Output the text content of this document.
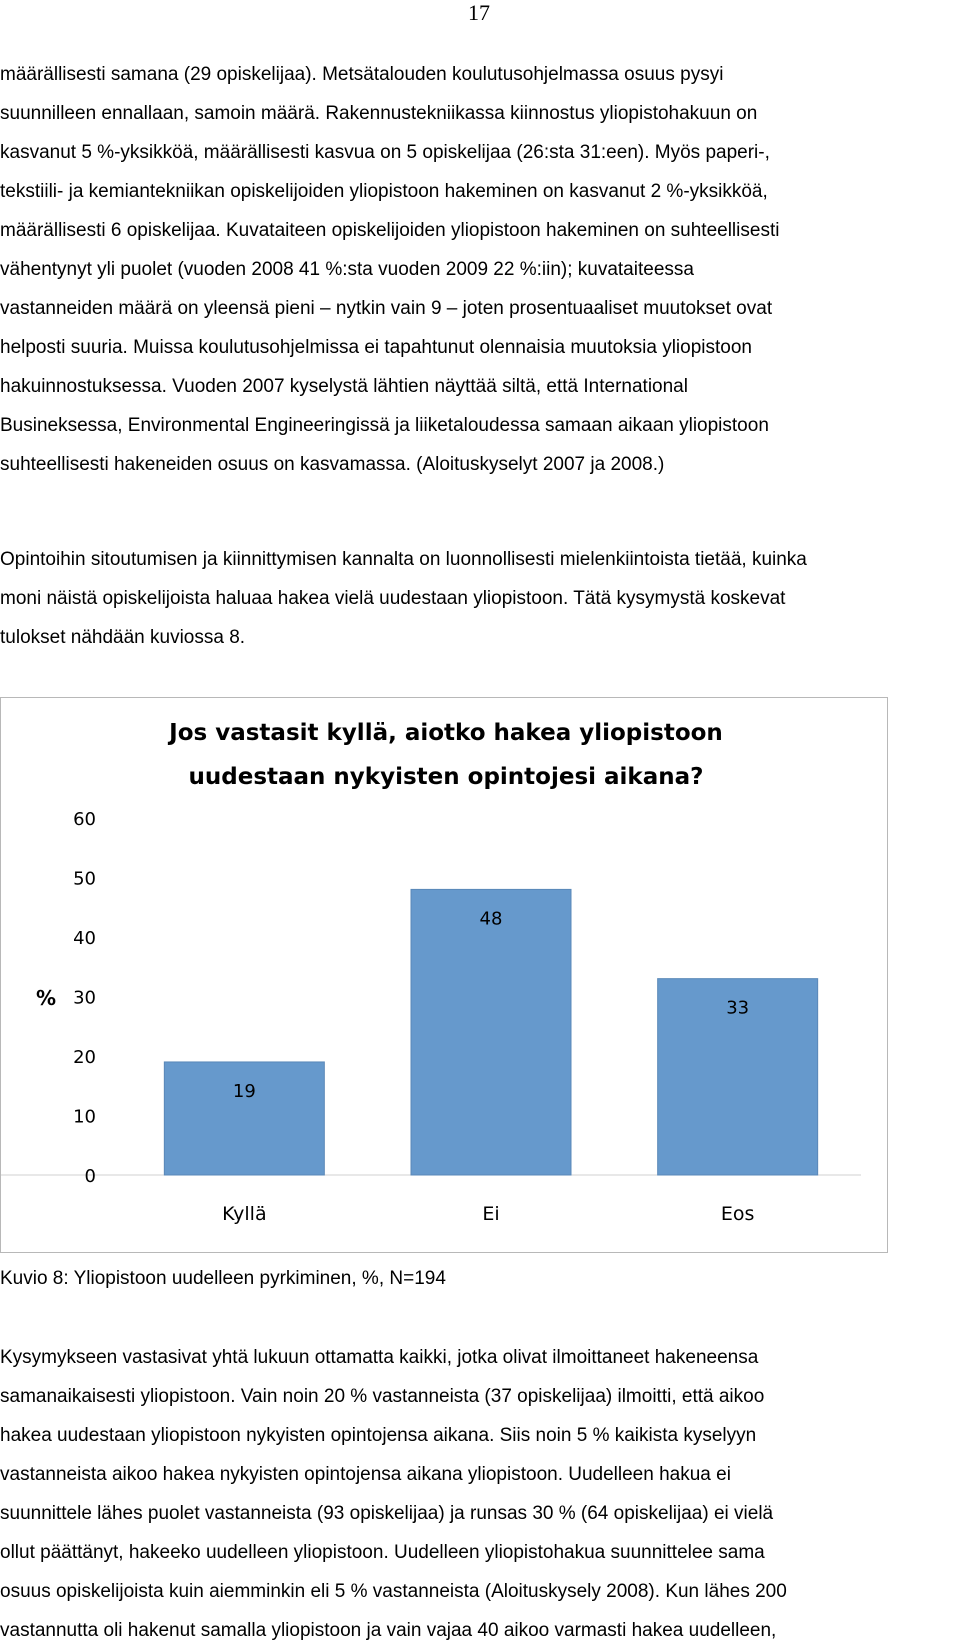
17
määrällisesti samana (29 opiskelijaa). Metsätalouden koulutusohjelmassa osuus pysyi
suunnilleen ennallaan, samoin määrä. Rakennustekniikassa kiinnostus yliopistohakuun on
kasvanut 5 %-yksikköä, määrällisesti kasvua on 5 opiskelijaa (26:sta 31:een). Myös paperi-,
tekstiili- ja kemiantekniikan opiskelijoiden yliopistoon hakeminen on kasvanut 2 %-yksikköä,
määrällisesti 6 opiskelijaa. Kuvataiteen opiskelijoiden yliopistoon hakeminen on suhteellisesti
vähentynyt yli puolet (vuoden 2008 41 %:sta vuoden 2009 22 %:iin); kuvataiteessa
vastanneiden määrä on yleensä pieni – nytkin vain 9 – joten prosentuaaliset muutokset ovat
helposti suuria. Muissa koulutusohjelmissa ei tapahtunut olennaisia muutoksia yliopistoon
hakuinnostuksessa. Vuoden 2007 kyselystä lähtien näyttää siltä, että International
Busineksessa, Environmental Engineeringissä ja liiketaloudessa samaan aikaan yliopistoon
suhteellisesti hakeneiden osuus on kasvamassa. (Aloituskyselyt 2007 ja 2008.)
Opintoihin sitoutumisen ja kiinnittymisen kannalta on luonnollisesti mielenkiintoista tietää, kuinka
moni näistä opiskelijoista haluaa hakea vielä uudestaan yliopistoon. Tätä kysymystä koskevat
tulokset nähdään kuviossa 8.
Jos vastasit kyllä, aiotko hakea yliopistoon
uudestaan nykyisten opintojesi aikana?
%
0
10
20
30
40
50
60
19
Kyllä
48
Ei
33
Eos
Kuvio 8: Yliopistoon uudelleen pyrkiminen, %, N=194
Kysymykseen vastasivat yhtä lukuun ottamatta kaikki, jotka olivat ilmoittaneet hakeneensa
samanaikaisesti yliopistoon. Vain noin 20 % vastanneista (37 opiskelijaa) ilmoitti, että aikoo
hakea uudestaan yliopistoon nykyisten opintojensa aikana. Siis noin 5 % kaikista kyselyyn
vastanneista aikoo hakea nykyisten opintojensa aikana yliopistoon. Uudelleen hakua ei
suunnittele lähes puolet vastanneista (93 opiskelijaa) ja runsas 30 % (64 opiskelijaa) ei vielä
ollut päättänyt, hakeeko uudelleen yliopistoon. Uudelleen yliopistohakua suunnittelee sama
osuus opiskelijoista kuin aiemminkin eli 5 % vastanneista (Aloituskysely 2008). Kun lähes 200
vastannutta oli hakenut samalla yliopistoon ja vain vajaa 40 aikoo varmasti hakea uudelleen,
